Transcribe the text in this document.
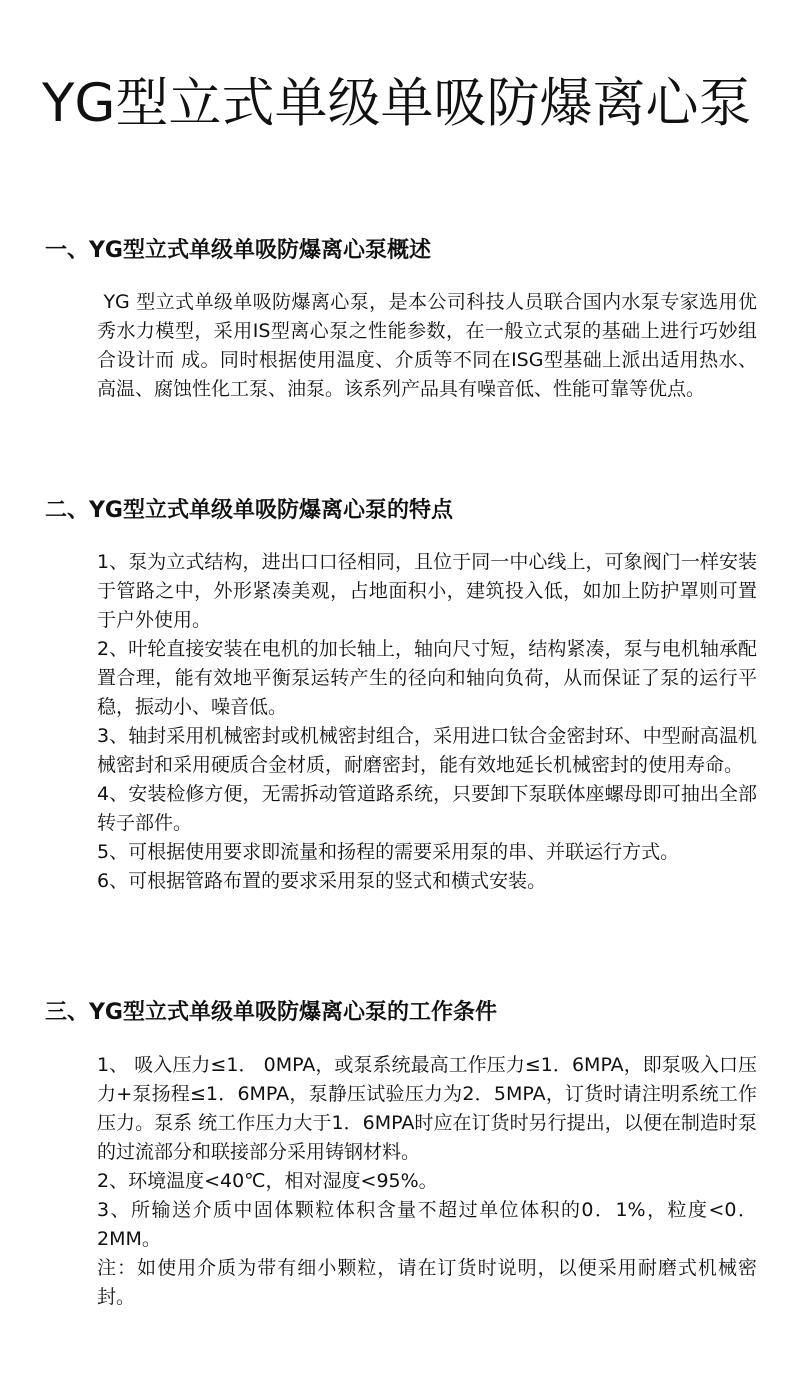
YG型立式单级单吸防爆离心泵
一、YG型立式单级单吸防爆离心泵概述

YG 型立式单级单吸防爆离心泵，是本公司科技人员联合国内水泵专家选用优秀水力模型，采用IS型离心泵之性能参数，在一般立式泵的基础上进行巧妙组合设计而 成。同时根据使用温度、介质等不同在ISG型基础上派出适用热水、高温、腐蚀性化工泵、油泵。该系列产品具有噪音低、性能可靠等优点。

二、YG型立式单级单吸防爆离心泵的特点

1、泵为立式结构，进出口口径相同，且位于同一中心线上，可象阀门一样安装于管路之中，外形紧凑美观，占地面积小，建筑投入低，如加上防护罩则可置于户外使用。

2、叶轮直接安装在电机的加长轴上，轴向尺寸短，结构紧凑，泵与电机轴承配置合理，能有效地平衡泵运转产生的径向和轴向负荷，从而保证了泵的运行平稳，振动小、噪音低。

3、轴封采用机械密封或机械密封组合，采用进口钛合金密封环、中型耐高温机械密封和采用硬质合金材质，耐磨密封，能有效地延长机械密封的使用寿命。

4、安装检修方便，无需拆动管道路系统，只要卸下泵联体座螺母即可抽出全部转子部件。

5、可根据使用要求即流量和扬程的需要采用泵的串、并联运行方式。

6、可根据管路布置的要求采用泵的竖式和横式安装。

三、YG型立式单级单吸防爆离心泵的工作条件

1、 吸入压力≤1． 0MPA，或泵系统最高工作压力≤1．6MPA，即泵吸入口压力+泵扬程≤1．6MPA，泵静压试验压力为2．5MPA，订货时请注明系统工作压力。泵系 统工作压力大于1．6MPA时应在订货时另行提出，以便在制造时泵的过流部分和联接部分采用铸钢材料。

2、环境温度<40℃，相对湿度<95%。

3、所输送介质中固体颗粒体积含量不超过单位体积的0．1%，粒度<0．2MM。

注：如使用介质为带有细小颗粒，请在订货时说明，以便采用耐磨式机械密封。
